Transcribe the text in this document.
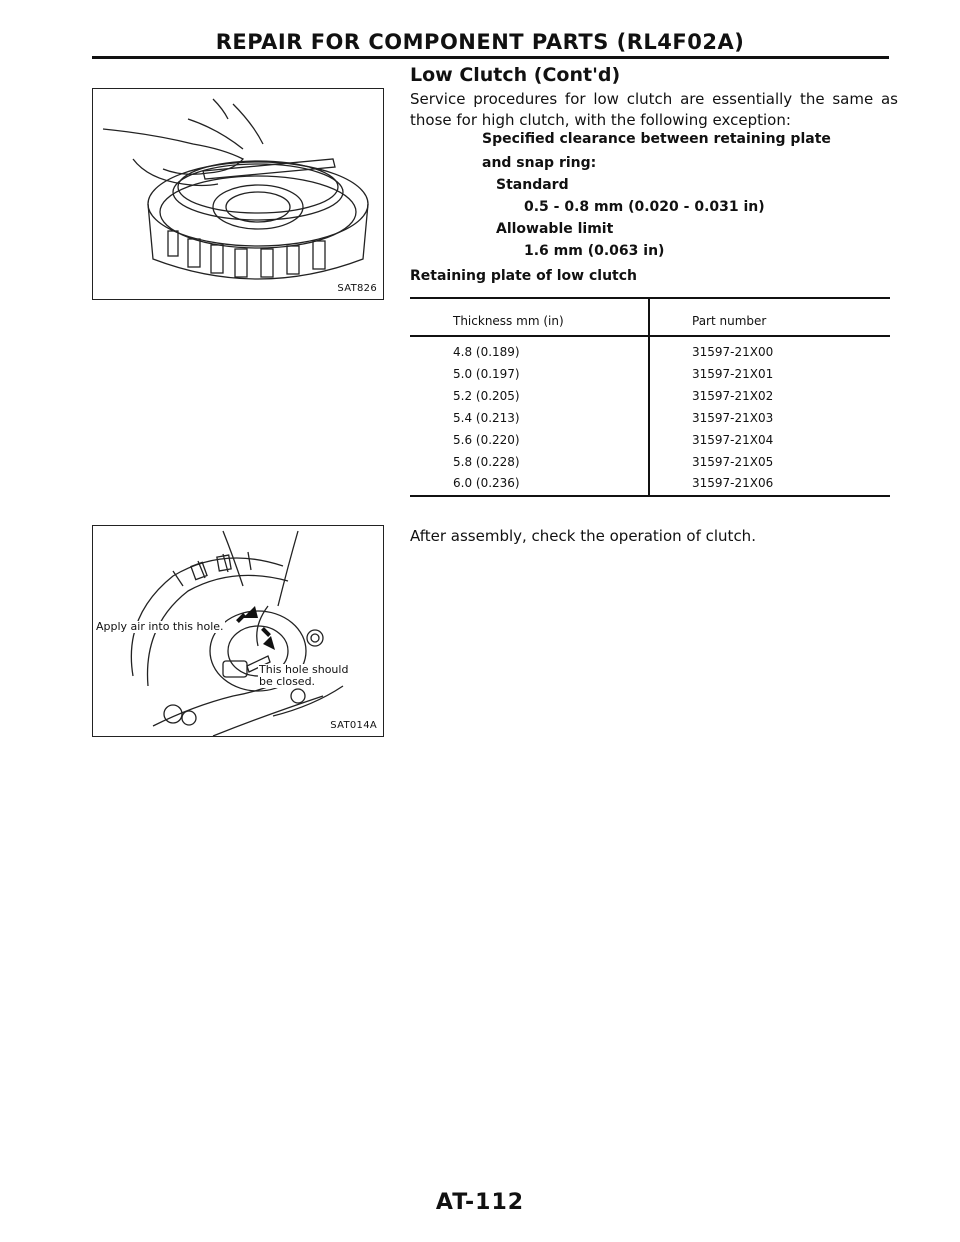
REPAIR FOR COMPONENT PARTS (RL4F02A)
SAT826
Apply air into this hole.
This hole should
be closed.
SAT014A
Low Clutch (Cont'd)

Service procedures for low clutch are essentially the same as those for high clutch, with the following exception:

Specified clearance between retaining plate
and snap ring:
Standard
0.5 - 0.8 mm (0.020 - 0.031 in)
Allowable limit
1.6 mm (0.063 in)
Retaining plate of low clutch
Thickness mm (in)	Part number
4.8 (0.189)	31597-21X00
5.0 (0.197)	31597-21X01
5.2 (0.205)	31597-21X02
5.4 (0.213)	31597-21X03
5.6 (0.220)	31597-21X04
5.8 (0.228)	31597-21X05
6.0 (0.236)	31597-21X06
After assembly, check the operation of clutch.
AT-112
